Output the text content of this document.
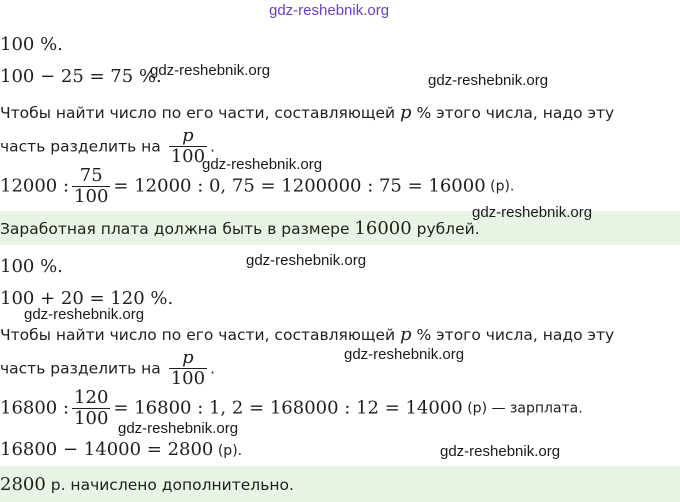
100 %.
100 − 25 = 75 %.
Чтобы найти число по его части, составляющей p % этого числа, надо эту
часть разделить на $\frac{p}{100}$ .
12000 : $\frac{75}{100} = 12000$ : 0, 75 = 1200000 : 75 = 16000 (р).
Заработная плата должна быть в размере 16000 рублей.
100 %.
100 + 20 = 120 %.
Чтобы найти число по его части, составляющей p % этого числа, надо эту
часть разделить на $\frac{p}{100}$ .
16800 : $\frac{120}{100} = 16800$ : 1, 2 = 168000 : 12 = 14000 (р) — зарплата.
16800 − 14000 = 2800 (р).
2800 р. начислено дополнительно.
gdz-reshebnik.org
gdz-reshebnik.org
gdz-reshebnik.org
gdz-reshebnik.org
gdz-reshebnik.org
gdz-reshebnik.org
gdz-reshebnik.org
gdz-reshebnik.org
gdz-reshebnik.org
gdz-reshebnik.org
